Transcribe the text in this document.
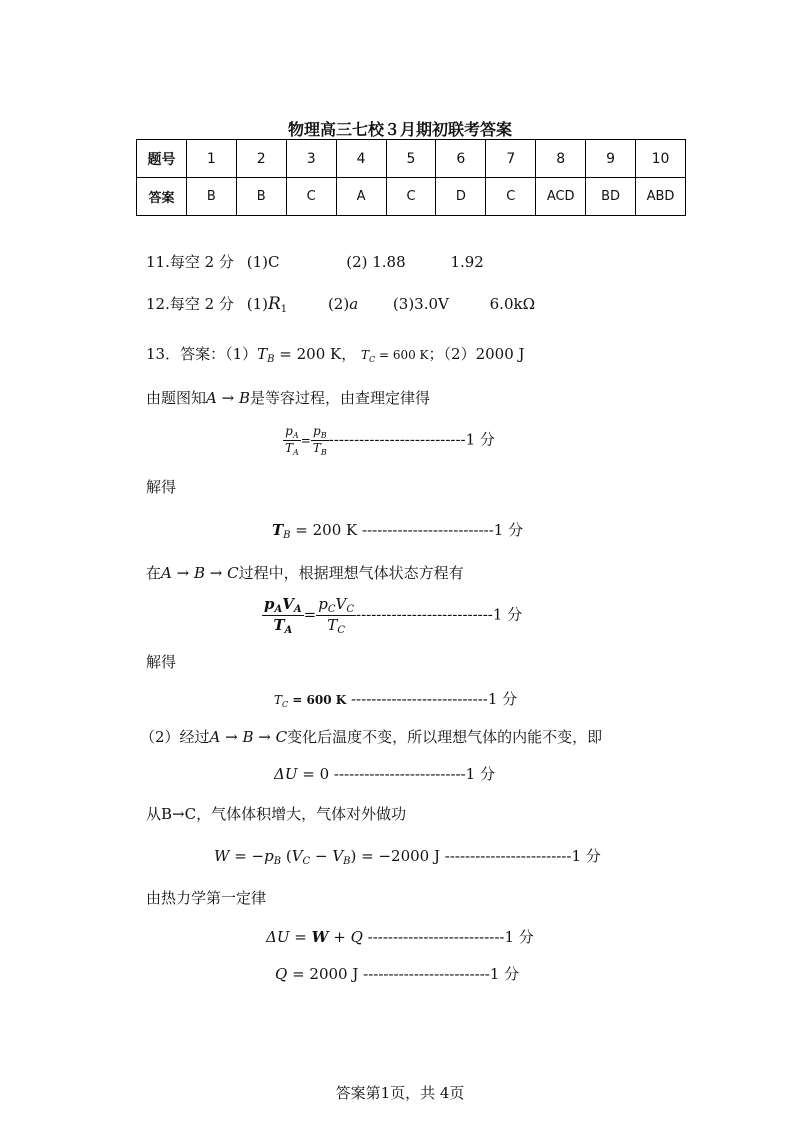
物理高三七校３月期初联考答案
题号	1	2	3	4	5	6	7	8	9	10
答案	B	B	C	A	C	D	C	ACD	BD	ABD
11.每空 2 分 (1)C	(2) 1.88	1.92
12.每空 2 分 $(1)R_1$	(2)a (3)3.0V	6.0kΩ
13．答案：$(1)T_B = 200$ K， $T_C = 600$ K；（2）2000 J
由题图知A → B是等容过程，由查理定律得
$\frac{p_A}{T_A} = \frac{p_B}{T_B} ---------------------------1$ 分
解得
$T_B = 200$ K --------------------------1 分
在A → B → C过程中，根据理想气体状态方程有
$\frac{p_AV_A}{T_A} = \frac{p_CV_C}{T_C} ---------------------------1$ 分
解得
$T_C = 600$ K ---------------------------1 分
（2）经过A → B → C变化后温度不变，所以理想气体的内能不变，即
ΔU = 0 --------------------------1 分
从B→C，气体体积增大，气体对外做功
$W = -p_B$ $(V_C - V_B) = -2000$ J -------------------------1 分
由热力学第一定律
ΔU = W + Q ---------------------------1 分
Q = 2000 J -------------------------1 分
答案第1页，共 4页
